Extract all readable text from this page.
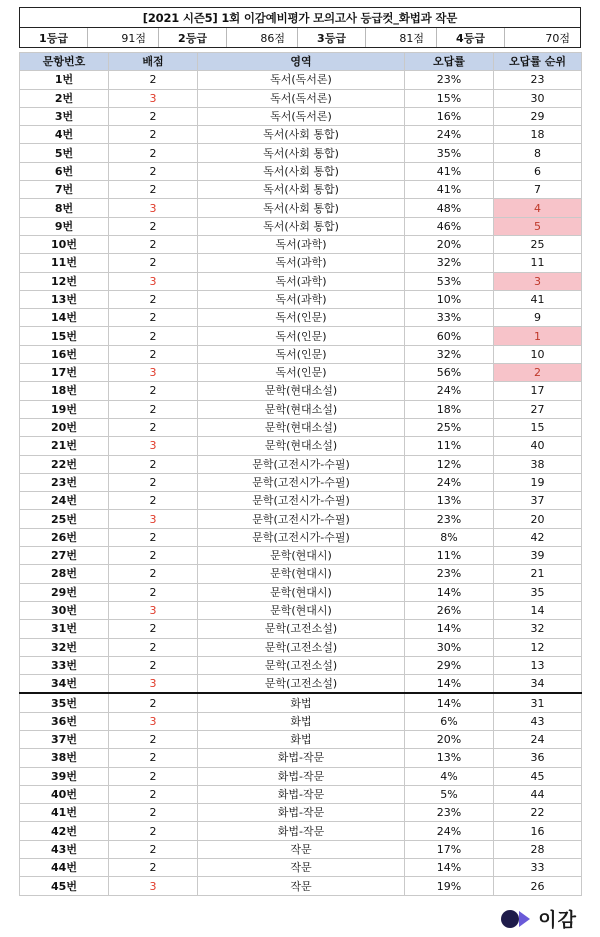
[2021 시즌5] 1회 이감예비평가 모의고사 등급컷_화법과 작문
1등급	91점	2등급	86점	3등급	81점	4등급	70점
문항번호	배점	영역	오답률	오답률 순위
1번	2	독서(독서론)	23%	23
2번	3	독서(독서론)	15%	30
3번	2	독서(독서론)	16%	29
4번	2	독서(사회 통합)	24%	18
5번	2	독서(사회 통합)	35%	8
6번	2	독서(사회 통합)	41%	6
7번	2	독서(사회 통합)	41%	7
8번	3	독서(사회 통합)	48%	4
9번	2	독서(사회 통합)	46%	5
10번	2	독서(과학)	20%	25
11번	2	독서(과학)	32%	11
12번	3	독서(과학)	53%	3
13번	2	독서(과학)	10%	41
14번	2	독서(인문)	33%	9
15번	2	독서(인문)	60%	1
16번	2	독서(인문)	32%	10
17번	3	독서(인문)	56%	2
18번	2	문학(현대소설)	24%	17
19번	2	문학(현대소설)	18%	27
20번	2	문학(현대소설)	25%	15
21번	3	문학(현대소설)	11%	40
22번	2	문학(고전시가-수필)	12%	38
23번	2	문학(고전시가-수필)	24%	19
24번	2	문학(고전시가-수필)	13%	37
25번	3	문학(고전시가-수필)	23%	20
26번	2	문학(고전시가-수필)	8%	42
27번	2	문학(현대시)	11%	39
28번	2	문학(현대시)	23%	21
29번	2	문학(현대시)	14%	35
30번	3	문학(현대시)	26%	14
31번	2	문학(고전소설)	14%	32
32번	2	문학(고전소설)	30%	12
33번	2	문학(고전소설)	29%	13
34번	3	문학(고전소설)	14%	34
35번	2	화법	14%	31
36번	3	화법	6%	43
37번	2	화법	20%	24
38번	2	화법-작문	13%	36
39번	2	화법-작문	4%	45
40번	2	화법-작문	5%	44
41번	2	화법-작문	23%	22
42번	2	화법-작문	24%	16
43번	2	작문	17%	28
44번	2	작문	14%	33
45번	3	작문	19%	26
이감
